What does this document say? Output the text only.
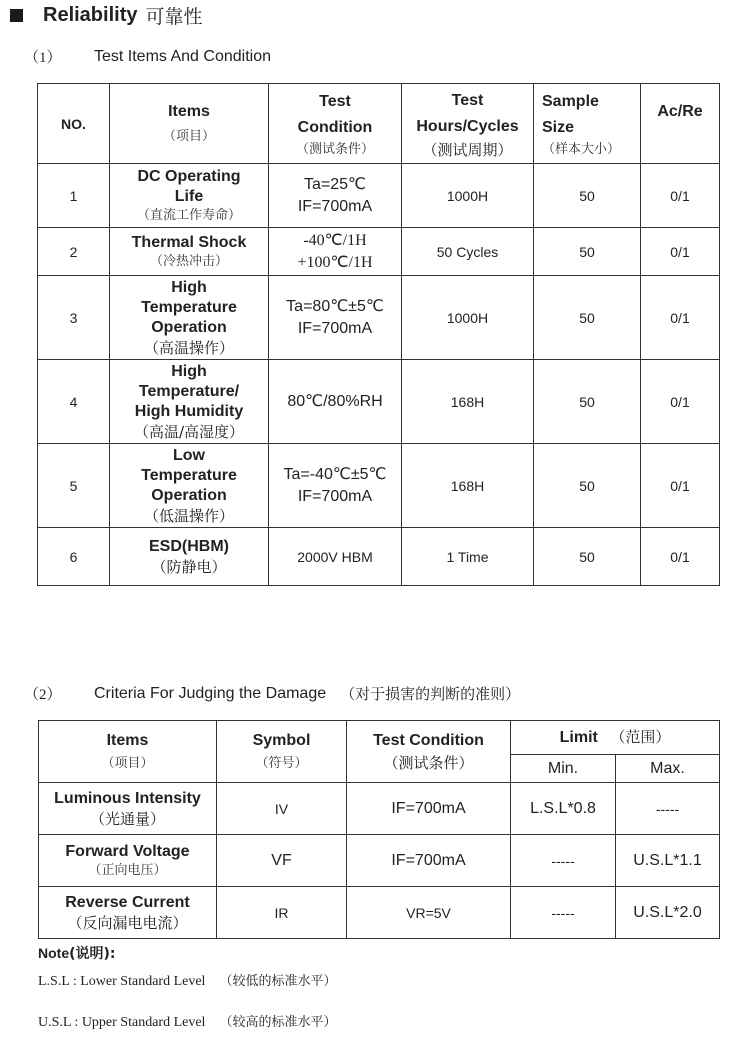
Reliability 可靠性
（1）	Test Items And Condition
NO.	Items
（项目）	Test
Condition
（测试条件）	Test
Hours/Cycles
（测试周期）	Sample
Size
（样本大小）	Ac/Re

1	DC Operating
Life
（直流工作寿命）	Ta=25℃
IF=700mA	1000H	50	0/1
2	Thermal Shock
（冷热冲击）	-40℃/1H
+100℃/1H	50 Cycles	50	0/1
3	High
Temperature
Operation
（高温操作）	Ta=80℃±5℃
IF=700mA	1000H	50	0/1
4	High
Temperature/
High Humidity
（高温/高湿度）	80℃/80%RH	168H	50	0/1
5	Low
Temperature
Operation
（低温操作）	Ta=-40℃±5℃
IF=700mA	168H	50	0/1
6	ESD(HBM)
（防静电）	2000V HBM	1 Time	50	0/1
（2）	Criteria For Judging the Damage （对于损害的判断的准则）
Items
（项目）	Symbol
（符号）	Test Condition
（测试条件）	Limit （范围）	
			Min.	Max.

Luminous Intensity
（光通量）	IV	IF=700mA	L.S.L*0.8	-----

Forward Voltage
（正向电压）	VF	IF=700mA	-----	U.S.L*1.1

Reverse Current
（反向漏电电流）	IR	VR=5V	-----	U.S.L*2.0
Note(说明):
L.S.L : Lower Standard Level （较低的标准水平）
U.S.L : Upper Standard Level （较高的标准水平）
